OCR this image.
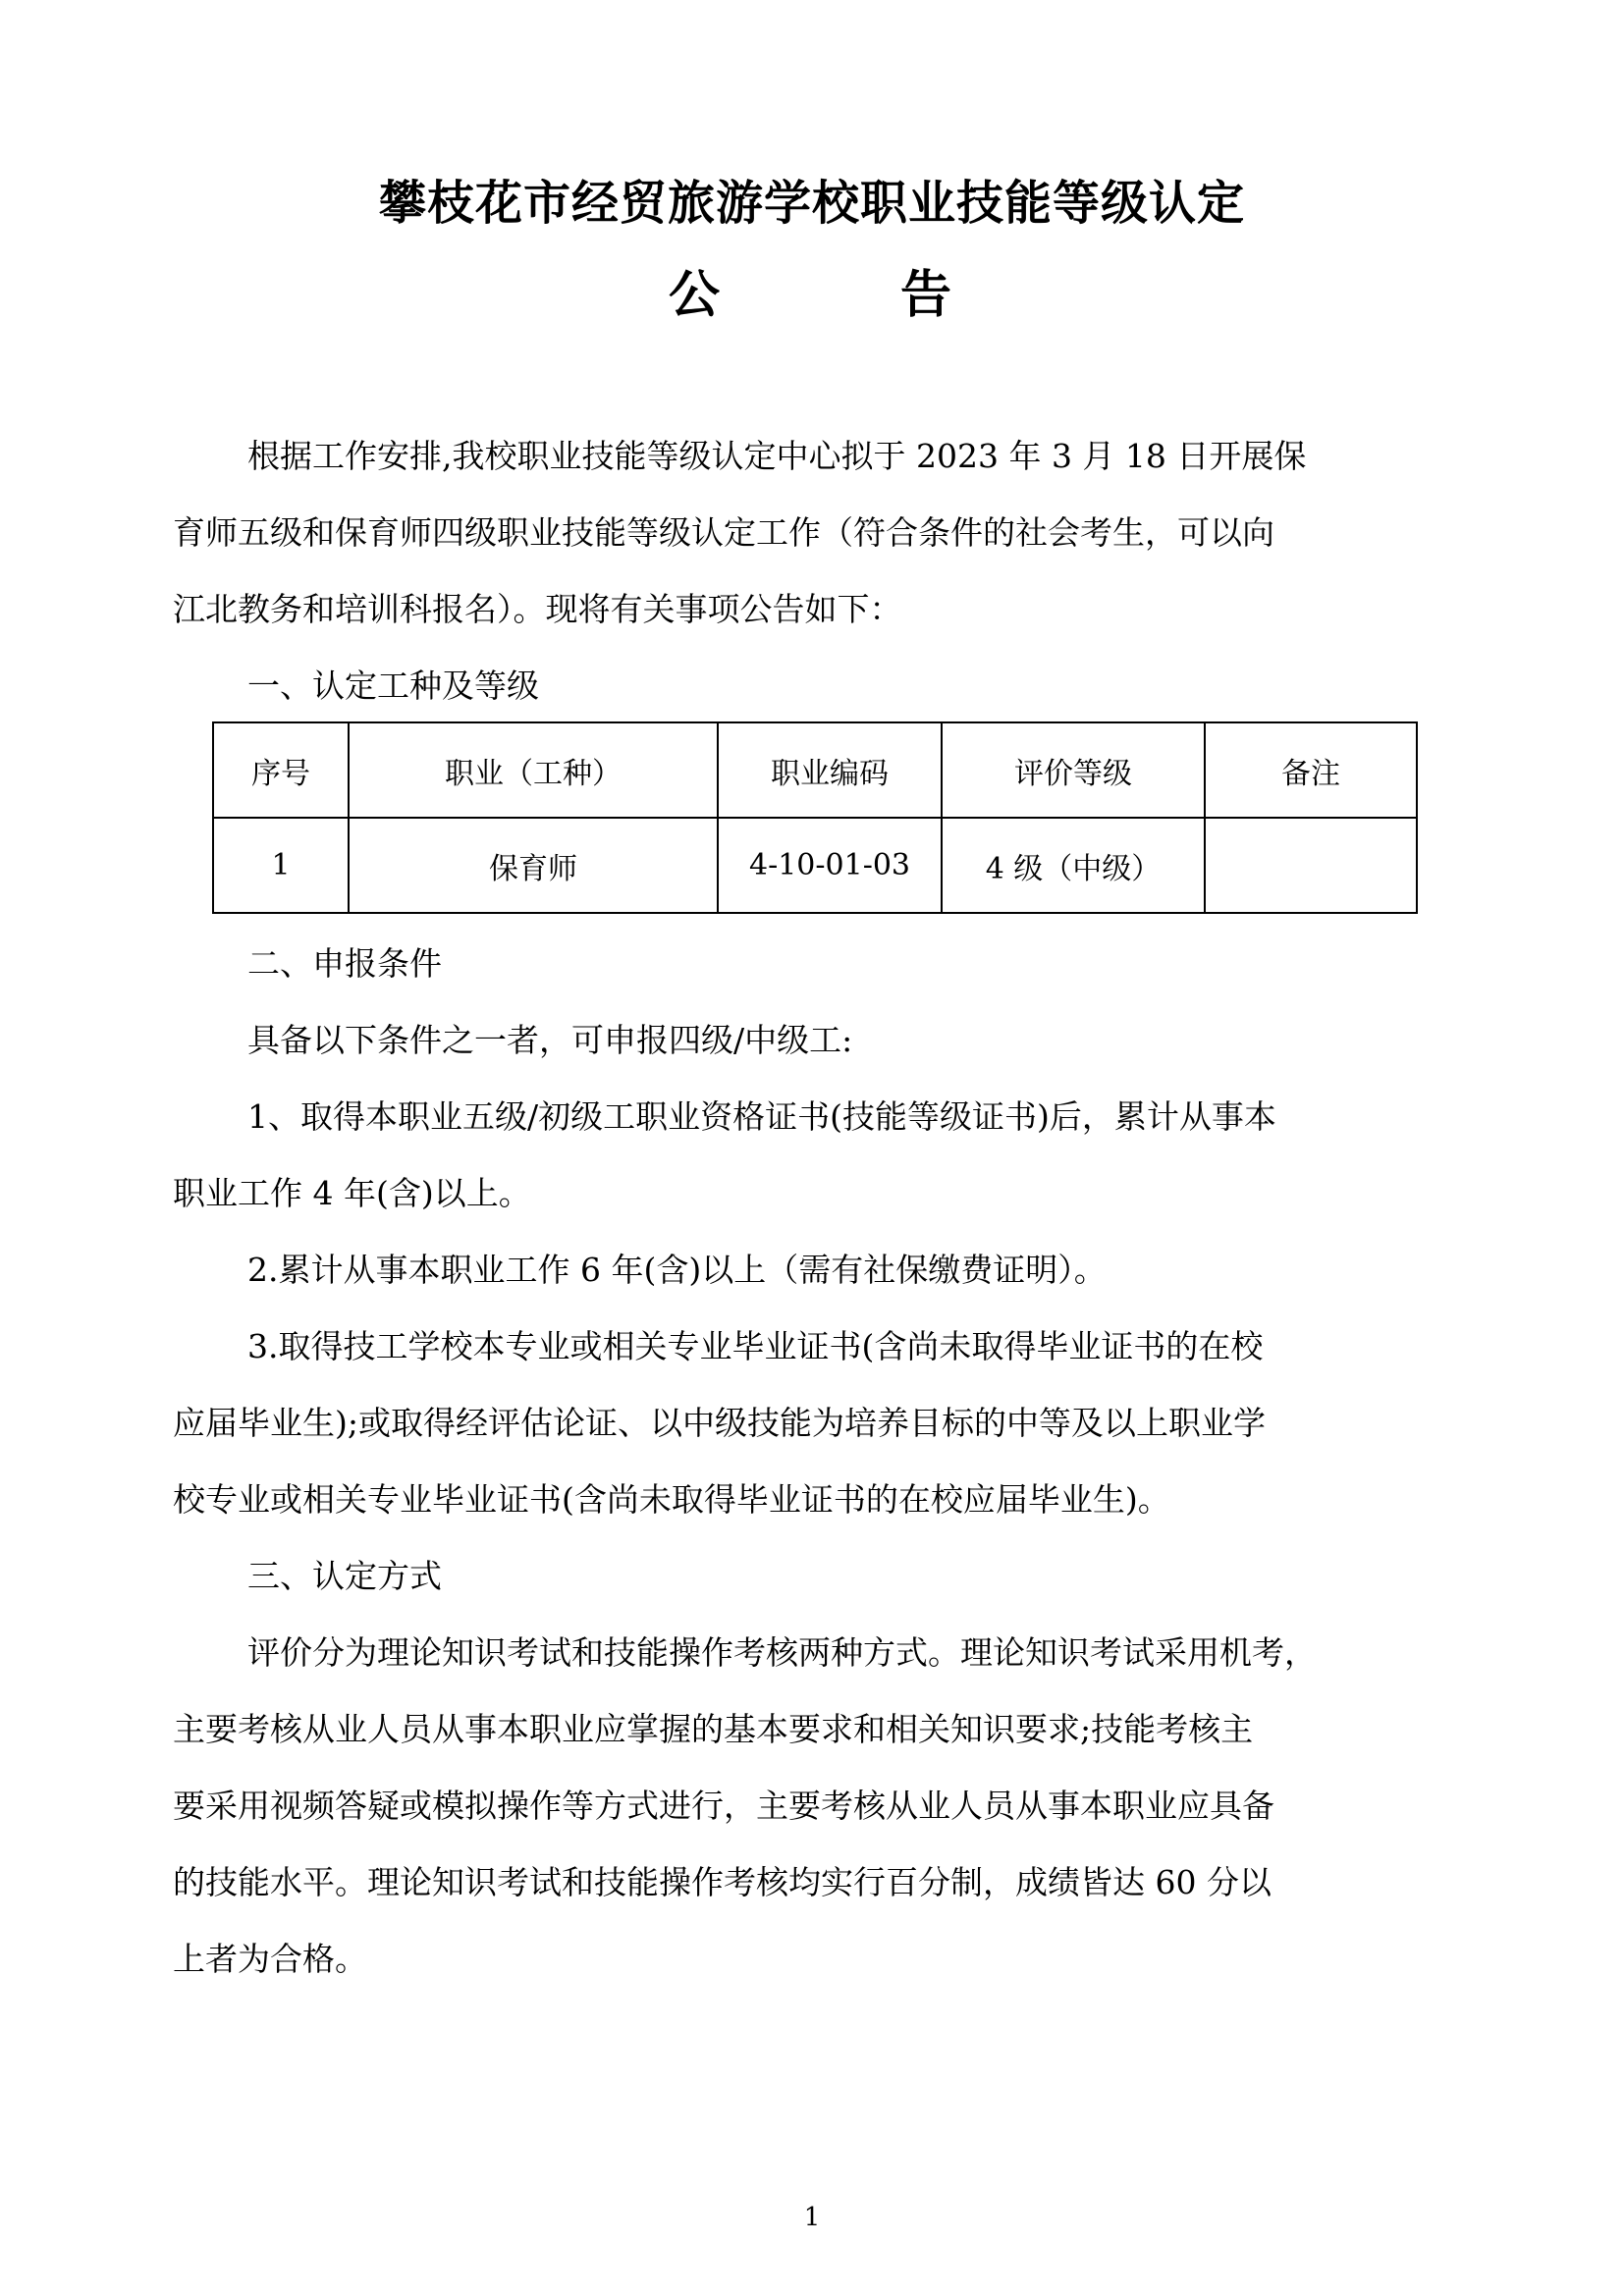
攀枝花市经贸旅游学校职业技能等级认定
公	告
根据工作安排,我校职业技能等级认定中心拟于 2023 年 3 月 18 日开展保
育师五级和保育师四级职业技能等级认定工作（符合条件的社会考生，可以向
江北教务和培训科报名）。现将有关事项公告如下：
一、认定工种及等级
序号	职业（工种）	职业编码	评价等级	备注
1	保育师	4-10-01-03	4 级（中级）	
二、申报条件
具备以下条件之一者，可申报四级/中级工:
1、取得本职业五级/初级工职业资格证书(技能等级证书)后，累计从事本
职业工作 4 年(含)以上。
2.累计从事本职业工作 6 年(含)以上（需有社保缴费证明）。
3.取得技工学校本专业或相关专业毕业证书(含尚未取得毕业证书的在校
应届毕业生);或取得经评估论证、以中级技能为培养目标的中等及以上职业学
校专业或相关专业毕业证书(含尚未取得毕业证书的在校应届毕业生)。
三、认定方式
评价分为理论知识考试和技能操作考核两种方式。理论知识考试采用机考，
主要考核从业人员从事本职业应掌握的基本要求和相关知识要求;技能考核主
要采用视频答疑或模拟操作等方式进行，主要考核从业人员从事本职业应具备
的技能水平。理论知识考试和技能操作考核均实行百分制，成绩皆达 60 分以
上者为合格。
1
